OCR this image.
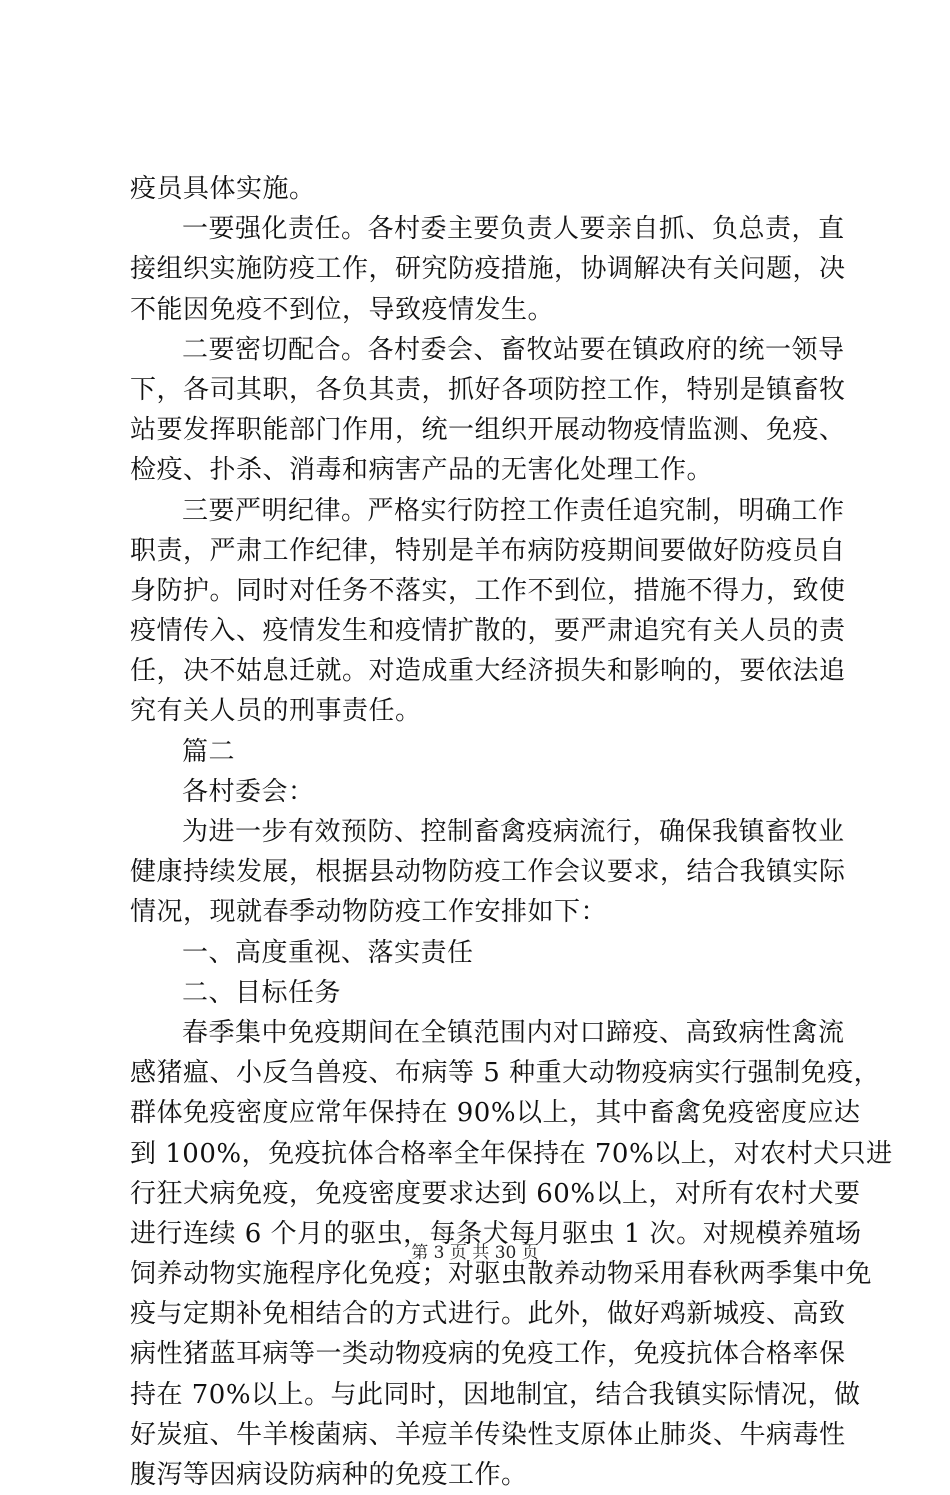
疫员具体实施。
一要强化责任。各村委主要负责人要亲自抓、负总责，直
接组织实施防疫工作，研究防疫措施，协调解决有关问题，决
不能因免疫不到位，导致疫情发生。
二要密切配合。各村委会、畜牧站要在镇政府的统一领导
下，各司其职，各负其责，抓好各项防控工作，特别是镇畜牧
站要发挥职能部门作用，统一组织开展动物疫情监测、免疫、
检疫、扑杀、消毒和病害产品的无害化处理工作。
三要严明纪律。严格实行防控工作责任追究制，明确工作
职责，严肃工作纪律，特别是羊布病防疫期间要做好防疫员自
身防护。同时对任务不落实，工作不到位，措施不得力，致使
疫情传入、疫情发生和疫情扩散的，要严肃追究有关人员的责
任，决不姑息迁就。对造成重大经济损失和影响的，要依法追
究有关人员的刑事责任。
篇二
各村委会：
为进一步有效预防、控制畜禽疫病流行，确保我镇畜牧业
健康持续发展，根据县动物防疫工作会议要求，结合我镇实际
情况，现就春季动物防疫工作安排如下：
一、高度重视、落实责任
二、目标任务
春季集中免疫期间在全镇范围内对口蹄疫、高致病性禽流
感猪瘟、小反刍兽疫、布病等 5 种重大动物疫病实行强制免疫，
群体免疫密度应常年保持在 90%以上，其中畜禽免疫密度应达
到 100%，免疫抗体合格率全年保持在 70%以上，对农村犬只进
行狂犬病免疫，免疫密度要求达到 60%以上，对所有农村犬要
进行连续 6 个月的驱虫，每条犬每月驱虫 1 次。对规模养殖场
饲养动物实施程序化免疫；对驱虫散养动物采用春秋两季集中免
疫与定期补免相结合的方式进行。此外，做好鸡新城疫、高致
病性猪蓝耳病等一类动物疫病的免疫工作，免疫抗体合格率保
持在 70%以上。与此同时，因地制宜，结合我镇实际情况，做
好炭疽、牛羊梭菌病、羊痘羊传染性支原体止肺炎、牛病毒性
腹泻等因病设防病种的免疫工作。
第 3 页 共 30 页
